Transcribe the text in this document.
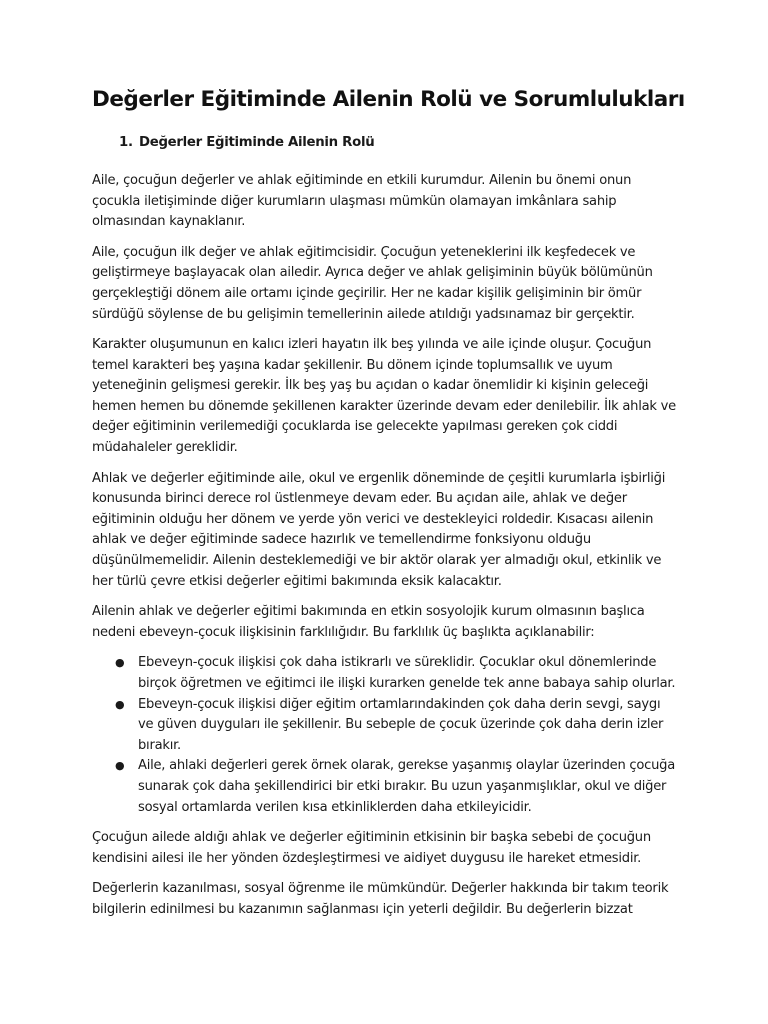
Değerler Eğitiminde Ailenin Rolü ve Sorumlulukları
1. Değerler Eğitiminde Ailenin Rolü

Aile, çocuğun değerler ve ahlak eğitiminde en etkili kurumdur. Ailenin bu önemi onun çocukla iletişiminde diğer kurumların ulaşması mümkün olamayan imkânlara sahip olmasından kaynaklanır.

Aile, çocuğun ilk değer ve ahlak eğitimcisidir. Çocuğun yeteneklerini ilk keşfedecek ve geliştirmeye başlayacak olan ailedir. Ayrıca değer ve ahlak gelişiminin büyük bölümünün gerçekleştiği dönem aile ortamı içinde geçirilir. Her ne kadar kişilik gelişiminin bir ömür sürdüğü söylense de bu gelişimin temellerinin ailede atıldığı yadsınamaz bir gerçektir.

Karakter oluşumunun en kalıcı izleri hayatın ilk beş yılında ve aile içinde oluşur. Çocuğun temel karakteri beş yaşına kadar şekillenir. Bu dönem içinde toplumsallık ve uyum yeteneğinin gelişmesi gerekir. İlk beş yaş bu açıdan o kadar önemlidir ki kişinin geleceği hemen hemen bu dönemde şekillenen karakter üzerinde devam eder denilebilir. İlk ahlak ve değer eğitiminin verilemediği çocuklarda ise gelecekte yapılması gereken çok ciddi müdahaleler gereklidir.

Ahlak ve değerler eğitiminde aile, okul ve ergenlik döneminde de çeşitli kurumlarla işbirliği konusunda birinci derece rol üstlenmeye devam eder. Bu açıdan aile, ahlak ve değer eğitiminin olduğu her dönem ve yerde yön verici ve destekleyici roldedir. Kısacası ailenin ahlak ve değer eğitiminde sadece hazırlık ve temellendirme fonksiyonu olduğu düşünülmemelidir. Ailenin desteklemediği ve bir aktör olarak yer almadığı okul, etkinlik ve her türlü çevre etkisi değerler eğitimi bakımında eksik kalacaktır.

Ailenin ahlak ve değerler eğitimi bakımında en etkin sosyolojik kurum olmasının başlıca nedeni ebeveyn-çocuk ilişkisinin farklılığıdır. Bu farklılık üç başlıkta açıklanabilir:

● Ebeveyn-çocuk ilişkisi çok daha istikrarlı ve süreklidir. Çocuklar okul dönemlerinde birçok öğretmen ve eğitimci ile ilişki kurarken genelde tek anne babaya sahip olurlar.
● Ebeveyn-çocuk ilişkisi diğer eğitim ortamlarındakinden çok daha derin sevgi, saygı ve güven duyguları ile şekillenir. Bu sebeple de çocuk üzerinde çok daha derin izler bırakır.
● Aile, ahlaki değerleri gerek örnek olarak, gerekse yaşanmış olaylar üzerinden çocuğa sunarak çok daha şekillendirici bir etki bırakır. Bu uzun yaşanmışlıklar, okul ve diğer sosyal ortamlarda verilen kısa etkinliklerden daha etkileyicidir.

Çocuğun ailede aldığı ahlak ve değerler eğitiminin etkisinin bir başka sebebi de çocuğun kendisini ailesi ile her yönden özdeşleştirmesi ve aidiyet duygusu ile hareket etmesidir.

Değerlerin kazanılması, sosyal öğrenme ile mümkündür. Değerler hakkında bir takım teorik bilgilerin edinilmesi bu kazanımın sağlanması için yeterli değildir. Bu değerlerin bizzat
